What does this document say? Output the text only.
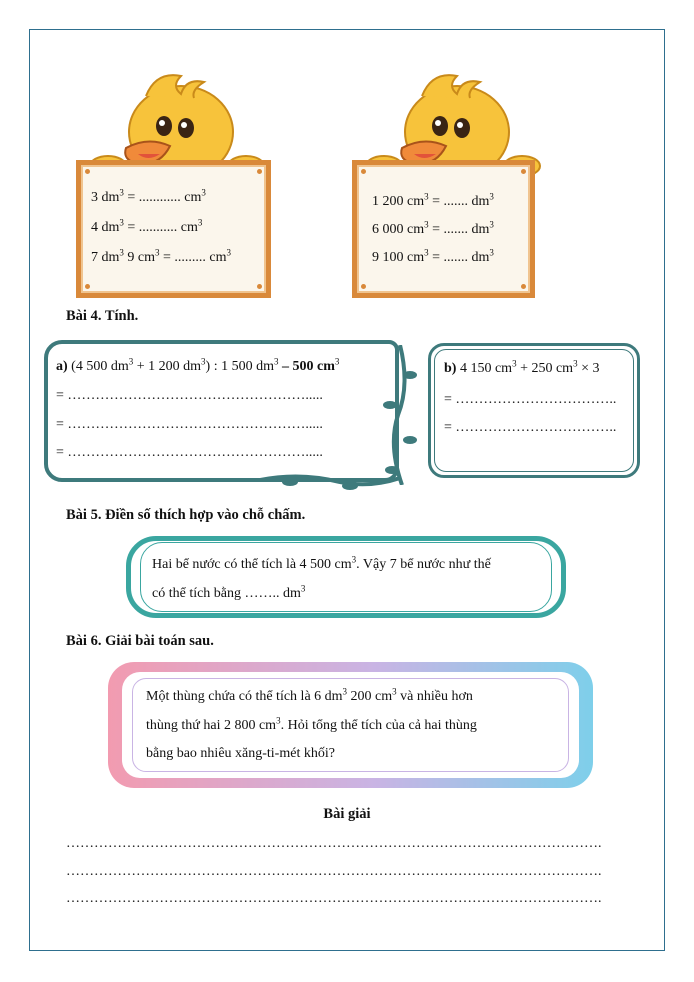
3 $dm^3$ = ............ $cm^3$
4 $dm^3$ = ........... $cm^3$
7 $dm^3$ 9 $cm^3$ = ......... $cm^3$
1 200 $cm^3$ = ....... $dm^3$
6 000 $cm^3$ = ....... $dm^3$
9 100 $cm^3$ = ....... $dm^3$
Bài 4. Tính.
a) (4 500 $dm^3 + 1$ 200 $dm^3$) : 1 500 $dm^3 - 500$ $cm^3$
= …………………………………………….....
= …………………………………………….....
= …………………………………………….....
b) 4 150 $cm^3 + 250$ $cm^3 \times 3$
= ……………………………..
= ……………………………..
Bài 5. Điền số thích hợp vào chỗ chấm.
Hai bể nước có thể tích là 4 500 $cm^3$. Vậy 7 bể nước như thế
có thể tích bằng …….. $dm^3$
Bài 6. Giải bài toán sau.
Một thùng chứa có thể tích là 6 $dm^3$ 200 $cm^3$ và nhiều hơn
thùng thứ hai 2 800 $cm^3$. Hỏi tổng thể tích của cả hai thùng
bằng bao nhiêu xăng-ti-mét khối?
Bài giải
…………………………………………………………………………………………………….
…………………………………………………………………………………………………….
…………………………………………………………………………………………………….
